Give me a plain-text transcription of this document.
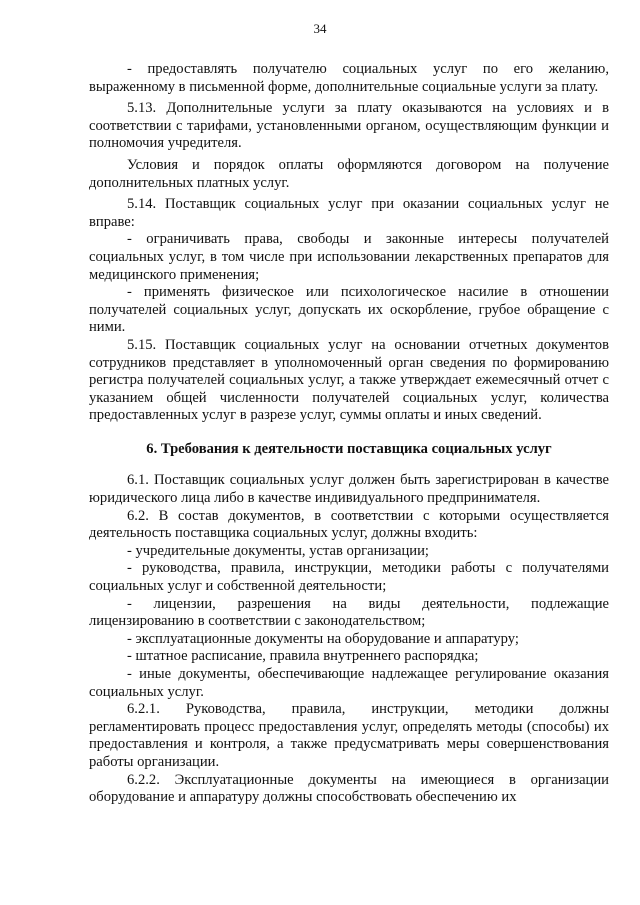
34

- предоставлять получателю социальных услуг по его желанию, выраженному в письменной форме, дополнительные социальные услуги за плату.

5.13. Дополнительные услуги за плату оказываются на условиях и в соответствии с тарифами, установленными органом, осуществляющим функции и полномочия учредителя.

Условия и порядок оплаты оформляются договором на получение дополнительных платных услуг.

5.14. Поставщик социальных услуг при оказании социальных услуг не вправе:

- ограничивать права, свободы и законные интересы получателей социальных услуг, в том числе при использовании лекарственных препаратов для медицинского применения;

- применять физическое или психологическое насилие в отношении получателей социальных услуг, допускать их оскорбление, грубое обращение с ними.

5.15. Поставщик социальных услуг на основании отчетных документов сотрудников представляет в уполномоченный орган сведения по формированию регистра получателей социальных услуг, а также утверждает ежемесячный отчет с указанием общей численности получателей социальных услуг, количества предоставленных услуг в разрезе услуг, суммы оплаты и иных сведений.

6. Требования к деятельности поставщика социальных услуг

6.1. Поставщик социальных услуг должен быть зарегистрирован в качестве юридического лица либо в качестве индивидуального предпринимателя.

6.2. В состав документов, в соответствии с которыми осуществляется деятельность поставщика социальных услуг, должны входить:

- учредительные документы, устав организации;

- руководства, правила, инструкции, методики работы с получателями социальных услуг и собственной деятельности;

- лицензии, разрешения на виды деятельности, подлежащие лицензированию в соответствии с законодательством;

- эксплуатационные документы на оборудование и аппаратуру;

- штатное расписание, правила внутреннего распорядка;

- иные документы, обеспечивающие надлежащее регулирование оказания социальных услуг.

6.2.1. Руководства, правила, инструкции, методики должны регламентировать процесс предоставления услуг, определять методы (способы) их предоставления и контроля, а также предусматривать меры совершенствования работы организации.

6.2.2. Эксплуатационные документы на имеющиеся в организации оборудование и аппаратуру должны способствовать обеспечению их
